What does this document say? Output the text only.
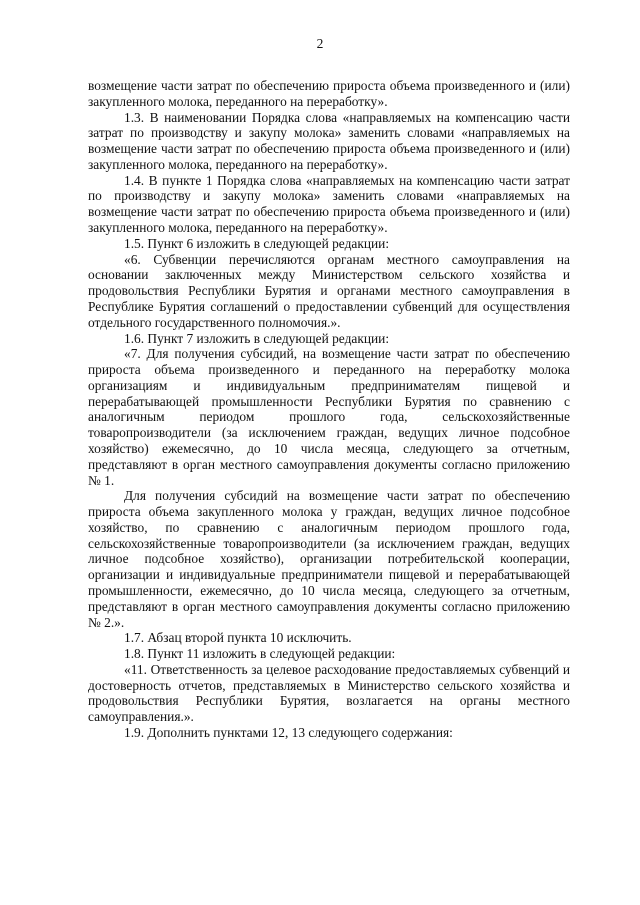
2

возмещение части затрат по обеспечению прироста объема произведенного и (или) закупленного молока, переданного на переработку».

1.3. В наименовании Порядка слова «направляемых на компенсацию части затрат по производству и закупу молока» заменить словами «направляемых на возмещение части затрат по обеспечению прироста объема произведенного и (или) закупленного молока, переданного на переработку».

1.4. В пункте 1 Порядка слова «направляемых на компенсацию части затрат по производству и закупу молока» заменить словами «направляемых на возмещение части затрат по обеспечению прироста объема произведенного и (или) закупленного молока, переданного на переработку».

1.5. Пункт 6 изложить в следующей редакции:

«6. Субвенции перечисляются органам местного самоуправления на основании заключенных между Министерством сельского хозяйства и продовольствия Республики Бурятия и органами местного самоуправления в Республике Бурятия соглашений о предоставлении субвенций для осуществления отдельного государственного полномочия.».

1.6. Пункт 7 изложить в следующей редакции:

«7. Для получения субсидий, на возмещение части затрат по обеспечению прироста объема произведенного и переданного на переработку молока организациям и индивидуальным предпринимателям пищевой и перерабатывающей промышленности Республики Бурятия по сравнению с аналогичным периодом прошлого года, сельскохозяйственные товаропроизводители (за исключением граждан, ведущих личное подсобное хозяйство) ежемесячно, до 10 числа месяца, следующего за отчетным, представляют в орган местного самоуправления документы согласно приложению № 1.

Для получения субсидий на возмещение части затрат по обеспечению прироста объема закупленного молока у граждан, ведущих личное подсобное хозяйство, по сравнению с аналогичным периодом прошлого года, сельскохозяйственные товаропроизводители (за исключением граждан, ведущих личное подсобное хозяйство), организации потребительской кооперации, организации и индивидуальные предприниматели пищевой и перерабатывающей промышленности, ежемесячно, до 10 числа месяца, следующего за отчетным, представляют в орган местного самоуправления документы согласно приложению № 2.».

1.7. Абзац второй пункта 10 исключить.

1.8. Пункт 11 изложить в следующей редакции:

«11. Ответственность за целевое расходование предоставляемых субвенций и достоверность отчетов, представляемых в Министерство сельского хозяйства и продовольствия Республики Бурятия, возлагается на органы местного самоуправления.».

1.9. Дополнить пунктами 12, 13 следующего содержания:
